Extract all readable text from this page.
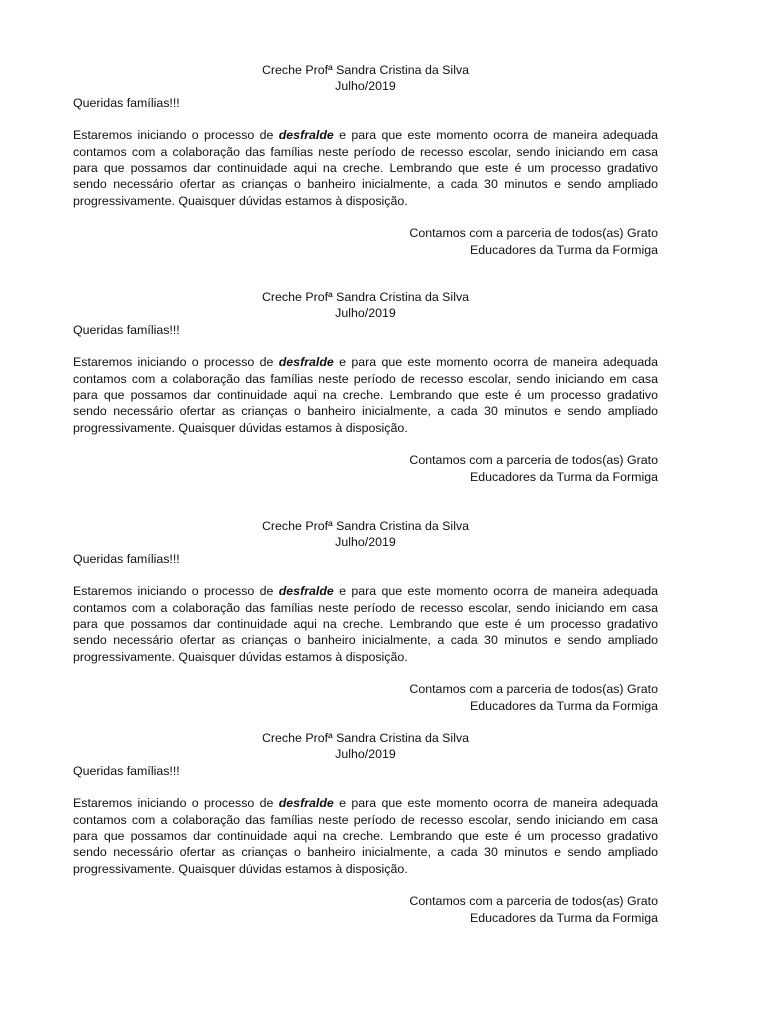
Creche Profª Sandra Cristina da Silva
Julho/2019
Queridas famílias!!!
Estaremos iniciando o processo de desfralde e para que este momento ocorra de maneira adequada contamos com a colaboração das famílias neste período de recesso escolar, sendo iniciando em casa para que possamos dar continuidade aqui na creche. Lembrando que este é um processo gradativo sendo necessário ofertar as crianças o banheiro inicialmente, a cada 30 minutos e sendo ampliado progressivamente. Quaisquer dúvidas estamos à disposição.
Contamos com a parceria de todos(as) Grato
Educadores da Turma da Formiga
Creche Profª Sandra Cristina da Silva
Julho/2019
Queridas famílias!!!
Estaremos iniciando o processo de desfralde e para que este momento ocorra de maneira adequada contamos com a colaboração das famílias neste período de recesso escolar, sendo iniciando em casa para que possamos dar continuidade aqui na creche. Lembrando que este é um processo gradativo sendo necessário ofertar as crianças o banheiro inicialmente, a cada 30 minutos e sendo ampliado progressivamente. Quaisquer dúvidas estamos à disposição.
Contamos com a parceria de todos(as) Grato
Educadores da Turma da Formiga
Creche Profª Sandra Cristina da Silva
Julho/2019
Queridas famílias!!!
Estaremos iniciando o processo de desfralde e para que este momento ocorra de maneira adequada contamos com a colaboração das famílias neste período de recesso escolar, sendo iniciando em casa para que possamos dar continuidade aqui na creche. Lembrando que este é um processo gradativo sendo necessário ofertar as crianças o banheiro inicialmente, a cada 30 minutos e sendo ampliado progressivamente. Quaisquer dúvidas estamos à disposição.
Contamos com a parceria de todos(as) Grato
Educadores da Turma da Formiga
Creche Profª Sandra Cristina da Silva
Julho/2019
Queridas famílias!!!
Estaremos iniciando o processo de desfralde e para que este momento ocorra de maneira adequada contamos com a colaboração das famílias neste período de recesso escolar, sendo iniciando em casa para que possamos dar continuidade aqui na creche. Lembrando que este é um processo gradativo sendo necessário ofertar as crianças o banheiro inicialmente, a cada 30 minutos e sendo ampliado progressivamente. Quaisquer dúvidas estamos à disposição.
Contamos com a parceria de todos(as) Grato
Educadores da Turma da Formiga
